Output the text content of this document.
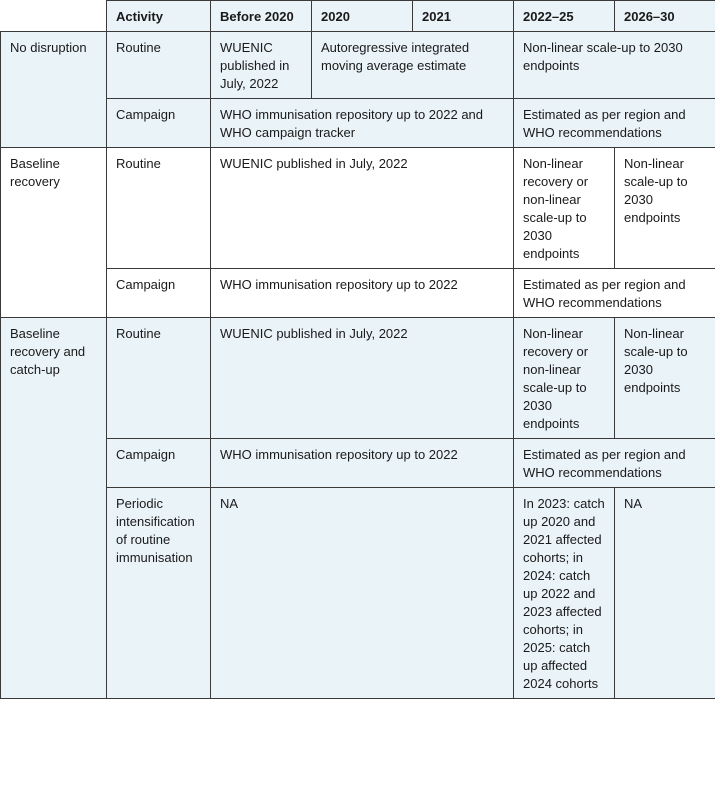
	Activity	Before 2020	2020	2021	2022–25	2026–30
No disruption	Routine	WUENIC published in July, 2022	Autoregressive integrated moving average estimate		Non-linear scale-up to 2030 endpoints	
	Campaign	WHO immunisation repository up to 2022 and WHO campaign tracker			Estimated as per region and WHO recommendations	
Baseline recovery	Routine	WUENIC published in July, 2022			Non-linear recovery or non-linear scale-up to 2030 endpoints	Non-linear scale-up to 2030 endpoints
	Campaign	WHO immunisation repository up to 2022			Estimated as per region and WHO recommendations	
Baseline recovery and catch-up	Routine	WUENIC published in July, 2022			Non-linear recovery or non-linear scale-up to 2030 endpoints	Non-linear scale-up to 2030 endpoints
	Campaign	WHO immunisation repository up to 2022			Estimated as per region and WHO recommendations	
	Periodic intensification of routine immunisation	NA			In 2023: catch up 2020 and 2021 affected cohorts; in 2024: catch up 2022 and 2023 affected cohorts; in 2025: catch up affected 2024 cohorts	NA
